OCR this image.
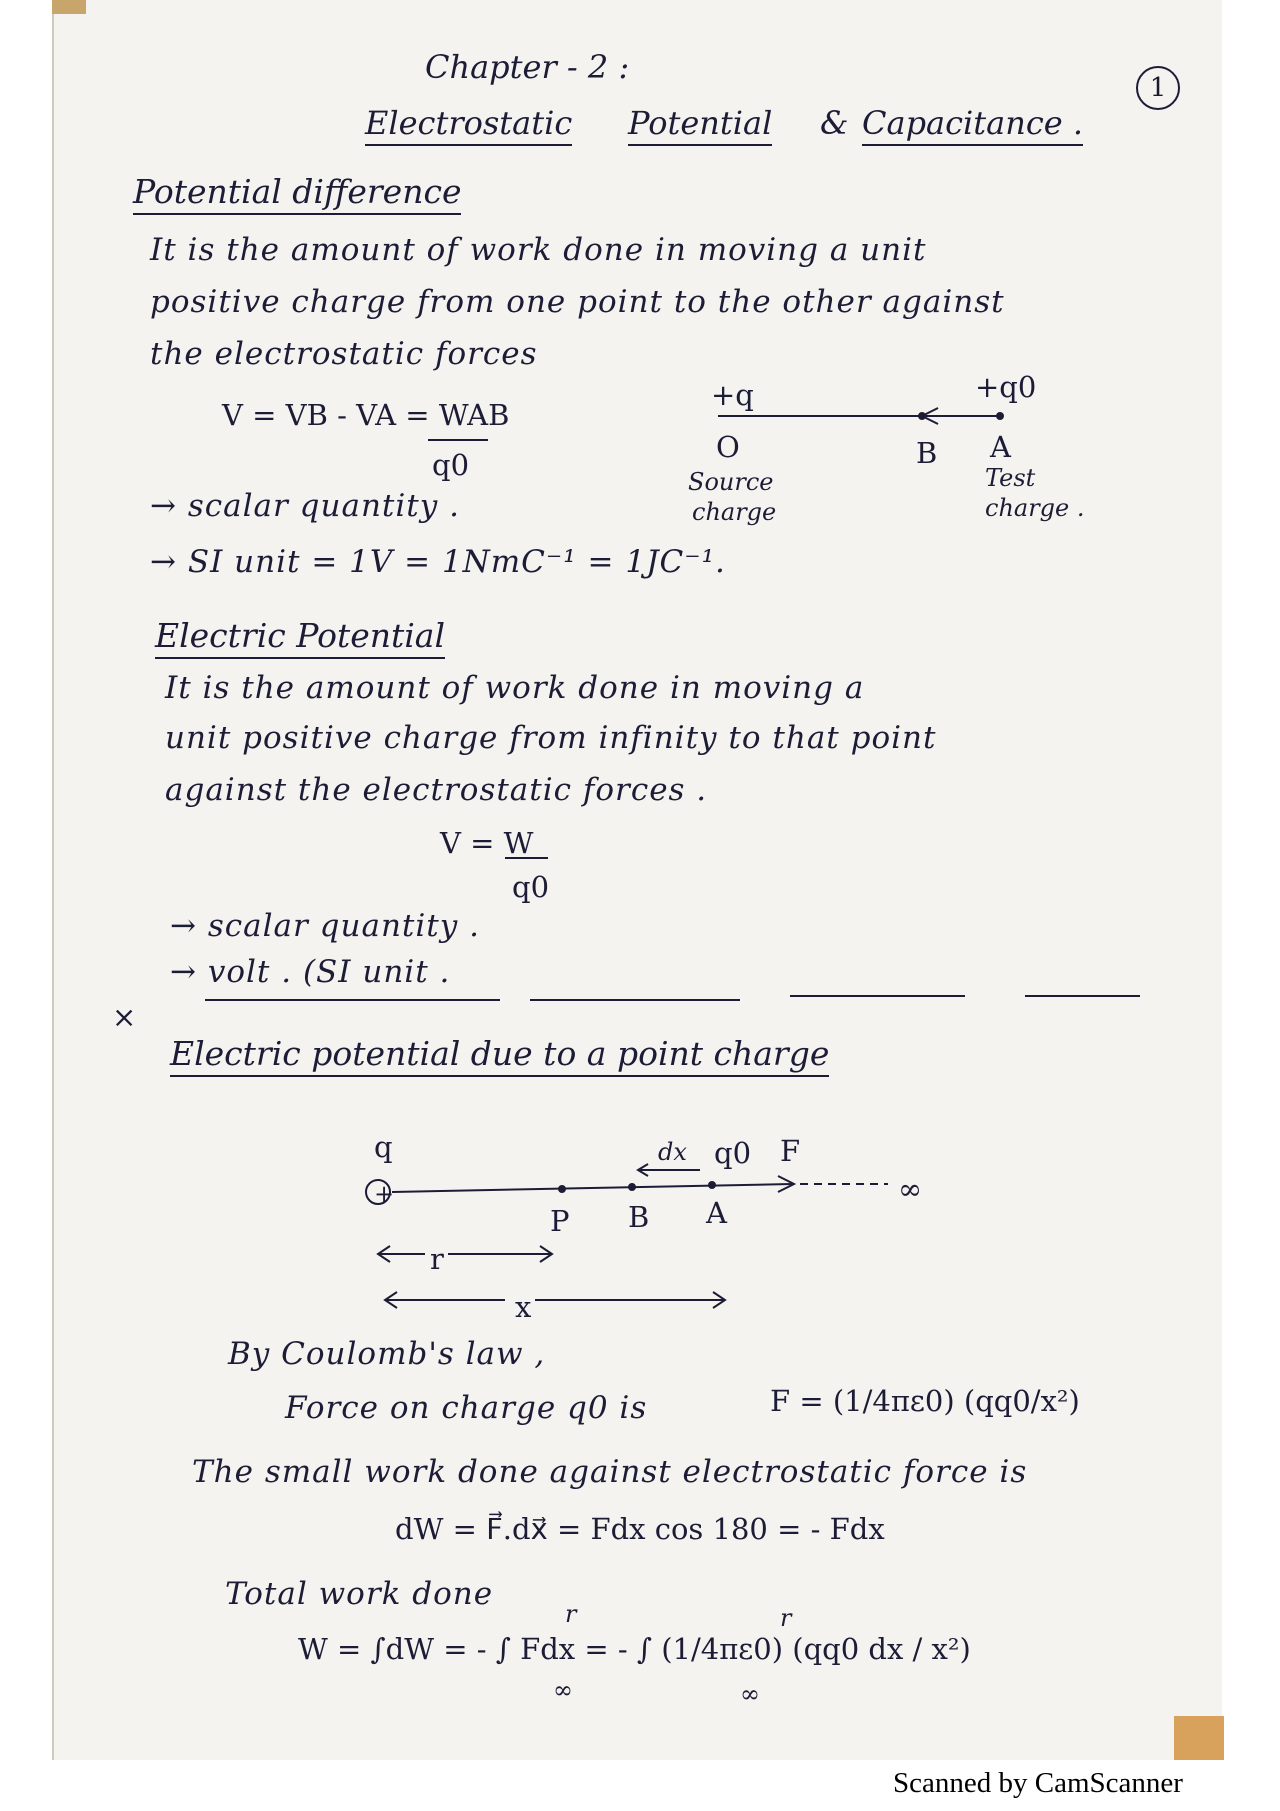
Chapter - 2 :
Electrostatic Potential & Capacitance .
1
Potential difference
It is the amount of work done in moving a unit
positive charge from one point to the other against
the electrostatic forces
V = VB - VA = WAB
q0
+q	+q0
O	B A
Source
charge
Test
charge .
→ scalar quantity .
→ SI unit = 1V = 1NmC⁻¹ = 1JC⁻¹.
Electric Potential
It is the amount of work done in moving a
unit positive charge from infinity to that point
against the electrostatic forces .
V = W
q0
→ scalar quantity .
→ volt . (SI unit .
×
Electric potential due to a point charge
q
+
dx q0 F
∞
P B A
r
x
By Coulomb's law ,
Force on charge q0 is	F = (1/4πε0) (qq0/x²)
The small work done against electrostatic force is
dW = F⃗.dx⃗ = Fdx cos 180 = - Fdx
Total work done
W = ∫dW = - ∫ Fdx = - ∫ (1/4πε0) (qq0 dx / x²)
r
∞
r
∞
Scanned by CamScanner
